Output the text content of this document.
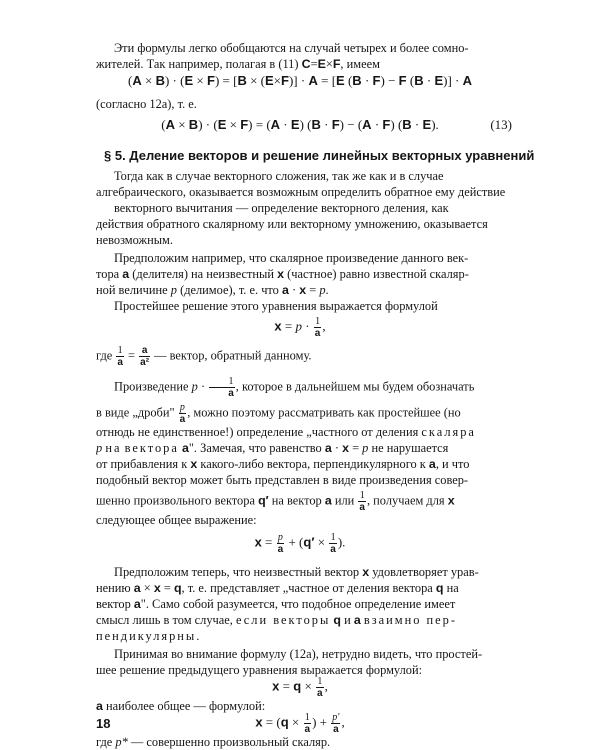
Эти формулы легко обобщаются на случай четырех и более сомно-

жителей. Так например, полагая в (11) C=E×F, имеем

(A × B) · (E × F) = [B × (E×F)] · A = [E (B · F) − F (B · E)] · A

(согласно 12a), т. е.

(A × B) · (E × F) = (A · E) (B · F) − (A · F) (B · E).	(13)
§ 5. Деление векторов и решение линейных векторных уравнений

Тогда как в случае векторного сложения, так же как и в случае

алгебраического, оказывается возможным определить обратное ему действие

векторного вычитания — определение векторного деления, как

действия обратного скалярному или векторному умножению, оказывается

невозможным.

Предположим например, что скалярное произведение данного век-

тора a (делителя) на неизвестный x (частное) равно известной скаляр-

ной величине p (делимое), т. е. что a · x = p.

Простейшее решение этого уравнения выражается формулой

$x = p \cdot \frac{1}{a}$ ,

где $\frac{1}{a} = \frac{a}{\text{a²}}$ — вектор, обратный данному.

Произведение $p \cdot \frac{1}{a}$ , которое в дальнейшем мы будем обозначать

в виде „дроби" $\frac{p}{a}$ , можно поэтому рассматривать как простейшее (но

отнюдь не единственное!) определение „частного от деления скаляра

p на вектора a". Замечая, что равенство a · x = p не нарушается

от прибавления к x какого-либо вектора, перпендикулярного к a, и что

подобный вектор может быть представлен в виде произведения совер-

шенно произвольного вектора q′ на вектор a или $\frac{1}{a}$ , получаем для x

следующее общее выражение:

$x = \frac{p}{a} + (q' \times \frac{1}{a}$ ).

Предположим теперь, что неизвестный вектор x удовлетворяет урав-

нению a × x = q, т. е. представляет „частное от деления вектора q на

вектор a". Само собой разумеется, что подобное определение имеет

смысл лишь в том случае, если векторы q и a взаимно пер-

пендикулярны.

Принимая во внимание формулу (12a), нетрудно видеть, что простей-

шее решение предыдущего уравнения выражается формулой:

$x = q \times \frac{1}{a}$ ,

а наиболее общее — формулой:

$x = (q \times \frac{1}{a}$ ) + $\frac{p'}{a}$ ,

где p* — совершенно произвольный скаляр.

18
